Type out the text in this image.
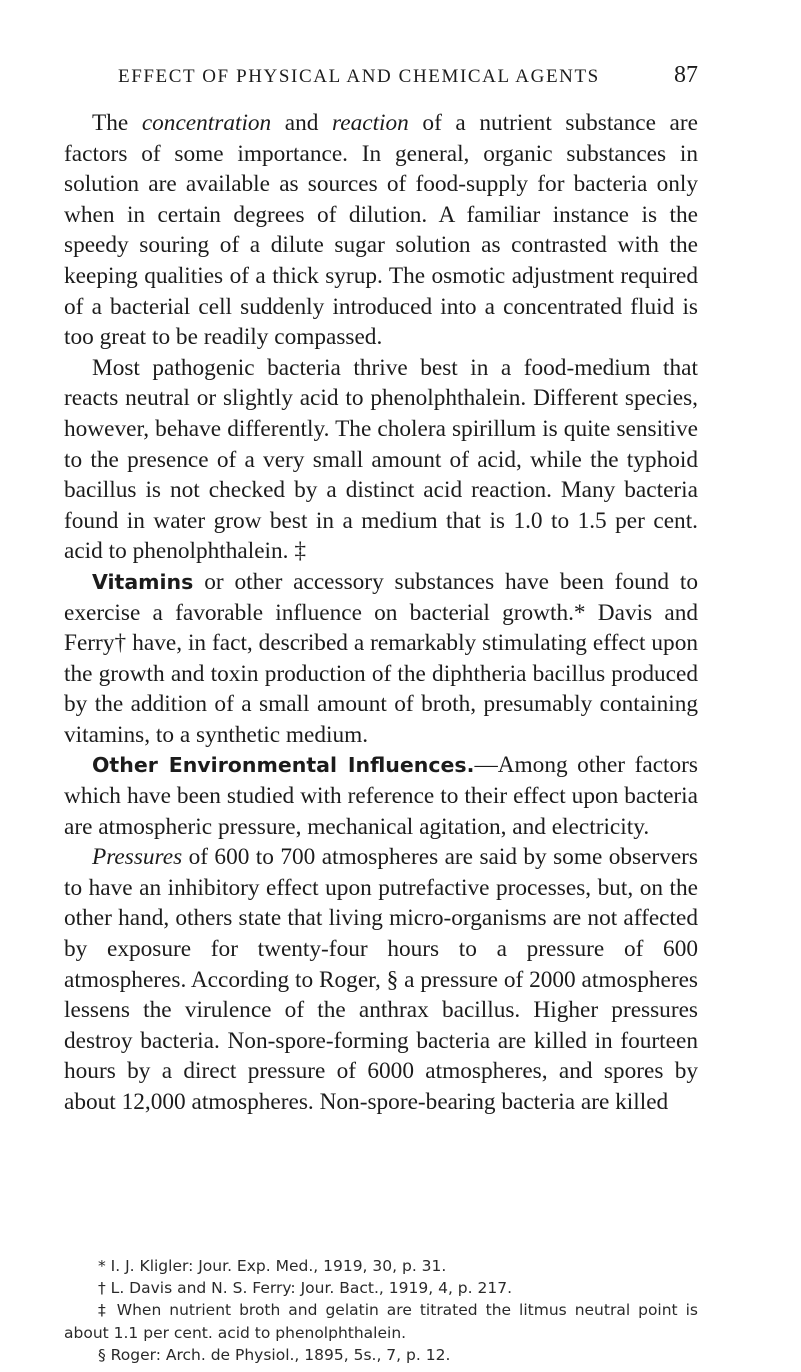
EFFECT OF PHYSICAL AND CHEMICAL AGENTS	87

The concentration and reaction of a nutrient substance are factors of some importance. In general, organic substances in solution are available as sources of food-supply for bacteria only when in certain degrees of dilution. A familiar instance is the speedy souring of a dilute sugar solution as contrasted with the keeping qualities of a thick syrup. The osmotic adjustment required of a bacterial cell suddenly introduced into a concentrated fluid is too great to be readily compassed.

Most pathogenic bacteria thrive best in a food-medium that reacts neutral or slightly acid to phenolphthalein. Different species, however, behave differently. The cholera spirillum is quite sensitive to the presence of a very small amount of acid, while the typhoid bacillus is not checked by a distinct acid reaction. Many bacteria found in water grow best in a medium that is 1.0 to 1.5 per cent. acid to phenolphthalein. ‡

Vitamins or other accessory substances have been found to exercise a favorable influence on bacterial growth.* Davis and Ferry† have, in fact, described a remarkably stimulating effect upon the growth and toxin production of the diphtheria bacillus produced by the addition of a small amount of broth, presumably containing vitamins, to a synthetic medium.

Other Environmental Influences.—Among other factors which have been studied with reference to their effect upon bacteria are atmospheric pressure, mechanical agitation, and electricity.

Pressures of 600 to 700 atmospheres are said by some observers to have an inhibitory effect upon putrefactive processes, but, on the other hand, others state that living micro-organisms are not affected by exposure for twenty-four hours to a pressure of 600 atmospheres. According to Roger, § a pressure of 2000 atmospheres lessens the virulence of the anthrax bacillus. Higher pressures destroy bacteria. Non-spore-forming bacteria are killed in fourteen hours by a direct pressure of 6000 atmospheres, and spores by about 12,000 atmospheres. Non-spore-bearing bacteria are killed

* I. J. Kligler: Jour. Exp. Med., 1919, 30, p. 31.

† L. Davis and N. S. Ferry: Jour. Bact., 1919, 4, p. 217.

‡ When nutrient broth and gelatin are titrated the litmus neutral point is about 1.1 per cent. acid to phenolphthalein.

§ Roger: Arch. de Physiol., 1895, 5s., 7, p. 12.
